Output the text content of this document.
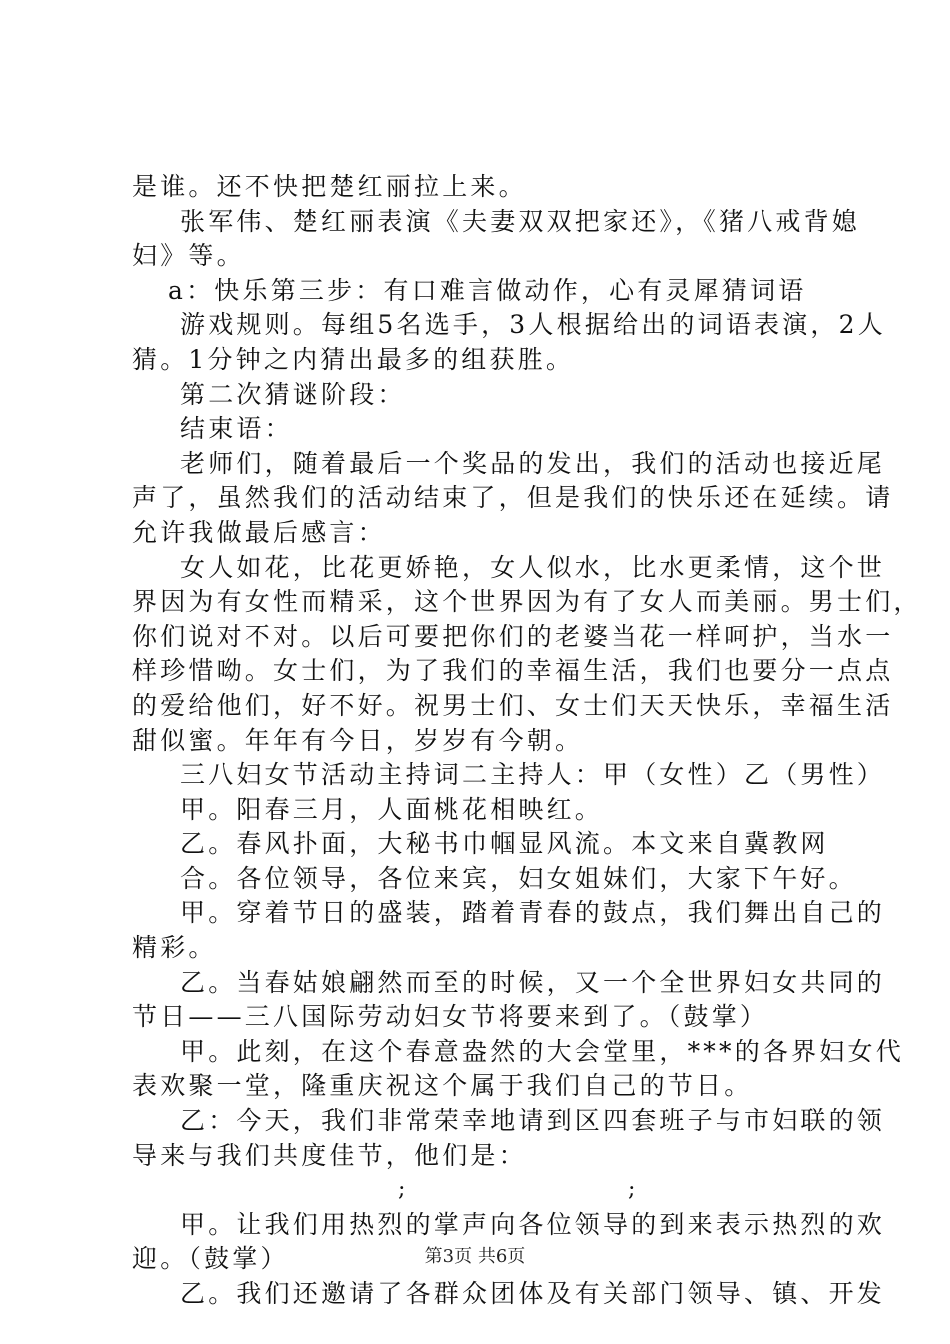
是谁。还不快把楚红丽拉上来。
张军伟、楚红丽表演《夫妻双双把家还》，《猪八戒背媳
妇》等。
a：快乐第三步：有口难言做动作，心有灵犀猜词语
游戏规则。每组5名选手，3人根据给出的词语表演，2人
猜。1分钟之内猜出最多的组获胜。
第二次猜谜阶段：
结束语：
老师们，随着最后一个奖品的发出，我们的活动也接近尾
声了，虽然我们的活动结束了，但是我们的快乐还在延续。请
允许我做最后感言：
女人如花，比花更娇艳，女人似水，比水更柔情，这个世
界因为有女性而精采，这个世界因为有了女人而美丽。男士们，
你们说对不对。以后可要把你们的老婆当花一样呵护，当水一
样珍惜呦。女士们，为了我们的幸福生活，我们也要分一点点
的爱给他们，好不好。祝男士们、女士们天天快乐，幸福生活
甜似蜜。年年有今日，岁岁有今朝。
三八妇女节活动主持词二主持人：甲（女性）乙（男性）
甲。阳春三月，人面桃花相映红。
乙。春风扑面，大秘书巾帼显风流。本文来自冀教网
合。各位领导，各位来宾，妇女姐妹们，大家下午好。
甲。穿着节日的盛装，踏着青春的鼓点，我们舞出自己的
精彩。
乙。当春姑娘翩然而至的时候，又一个全世界妇女共同的
节日——三八国际劳动妇女节将要来到了。（鼓掌）
甲。此刻，在这个春意盎然的大会堂里，***的各界妇女代
表欢聚一堂，隆重庆祝这个属于我们自己的节日。
乙：今天，我们非常荣幸地请到区四套班子与市妇联的领
导来与我们共度佳节，他们是：
;	;
甲。让我们用热烈的掌声向各位领导的到来表示热烈的欢
迎。（鼓掌）
乙。我们还邀请了各群众团体及有关部门领导、镇、开发
第3页 共6页
